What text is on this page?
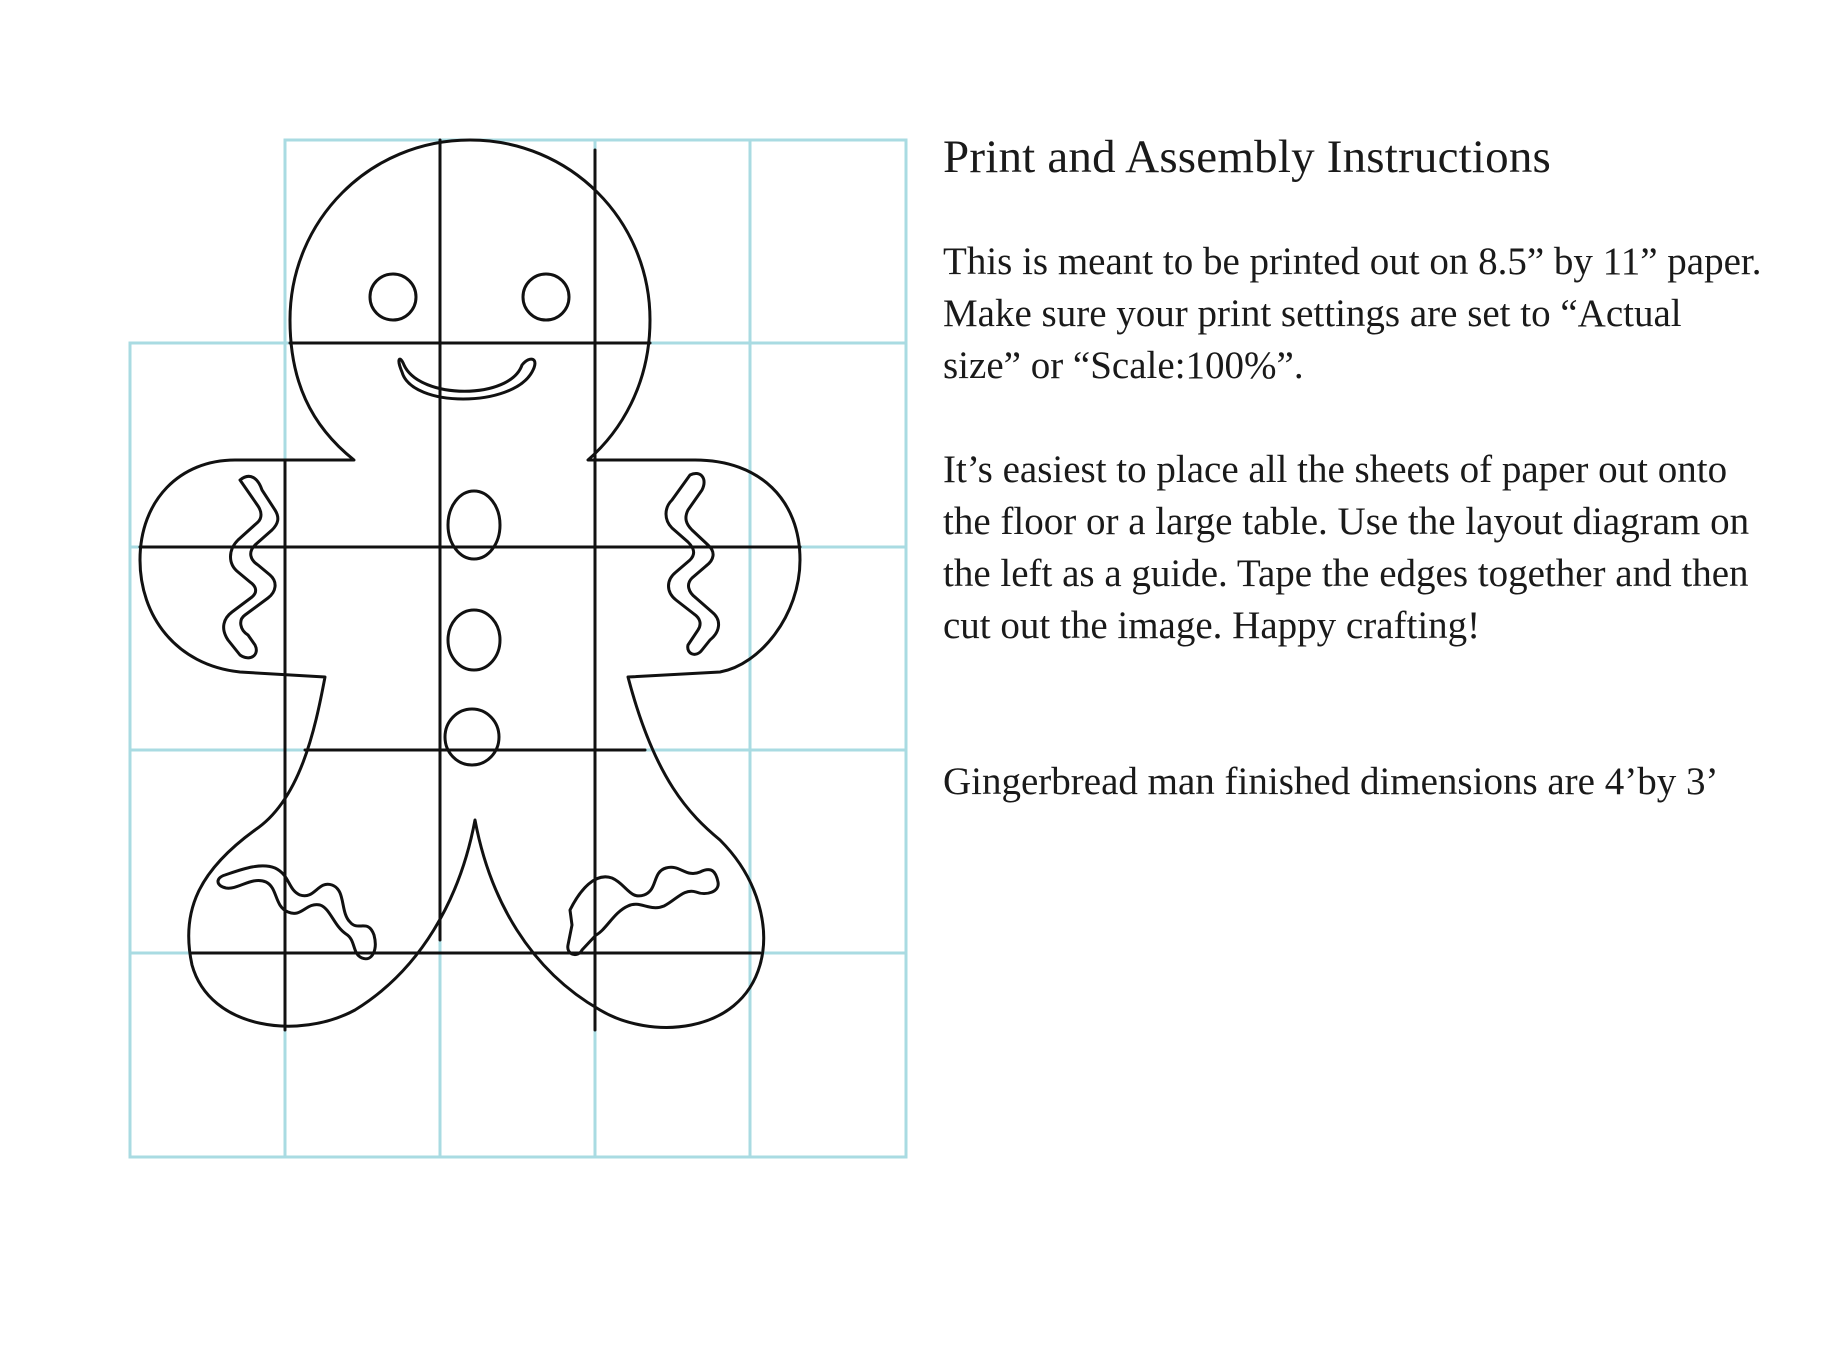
Print and Assembly Instructions

This is meant to be printed out on 8.5” by 11” paper. Make sure your print settings are set to “Actual size” or “Scale:100%”.

It’s easiest to place all the sheets of paper out onto the floor or a large table. Use the layout diagram on the left as a guide. Tape the edges together and then cut out the image. Happy crafting!

Gingerbread man finished dimensions are 4’by 3’
